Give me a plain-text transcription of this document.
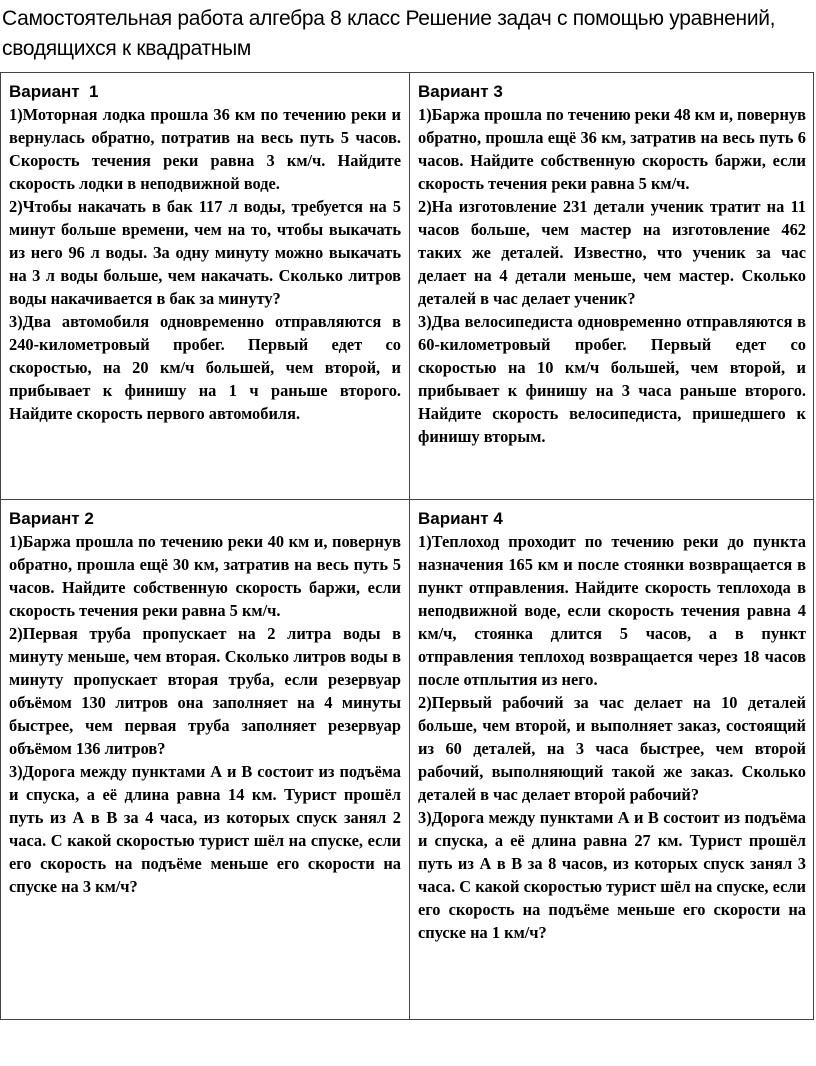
Самостоятельная работа алгебра 8 класс Решение задач с помощью уравнений, сводящихся к квадратным
Вариант  1

1)Моторная лодка прошла 36 км по течению реки и вернулась обратно, потратив на весь путь 5 часов. Скорость течения реки равна 3 км/ч. Найдите скорость лодки в неподвижной воде.

2)Чтобы накачать в бак 117 л воды, требуется на 5 минут больше времени, чем на то, чтобы выкачать из него 96 л воды. За одну минуту можно выкачать на 3 л воды больше, чем накачать. Сколько литров воды накачивается в бак за минуту?

3)Два автомобиля одновременно отправляются в 240-километровый пробег. Первый едет со скоростью, на 20 км/ч большей, чем второй, и прибывает к финишу на 1 ч раньше второго. Найдите скорость первого автомобиля.

Вариант 3

1)Баржа прошла по течению реки 48 км и, повернув обратно, прошла ещё 36 км, затратив на весь путь 6 часов. Найдите собственную скорость баржи, если скорость течения реки равна 5 км/ч.

2)На изготовление 231 детали ученик тратит на 11 часов больше, чем мастер на изготовление 462 таких же деталей. Известно, что ученик за час делает на 4 детали меньше, чем мастер. Сколько деталей в час делает ученик?

3)Два велосипедиста одновременно отправляются в 60-километровый пробег. Первый едет со скоростью на 10 км/ч большей, чем второй, и прибывает к финишу на 3 часа раньше второго. Найдите скорость велосипедиста, пришедшего к финишу вторым.

Вариант 2

1)Баржа прошла по течению реки 40 км и, повернув обратно, прошла ещё 30 км, затратив на весь путь 5 часов. Найдите собственную скорость баржи, если скорость течения реки равна 5 км/ч.

2)Первая труба пропускает на 2 литра воды в минуту меньше, чем вторая. Сколько литров воды в минуту пропускает вторая труба, если резервуар объёмом 130 литров она заполняет на 4 минуты быстрее, чем первая труба заполняет резервуар объёмом 136 литров?

3)Дорога между пунктами А и В состоит из подъёма и спуска, а её длина равна 14 км. Турист прошёл путь из А в В за 4 часа, из которых спуск занял 2 часа. С какой скоростью турист шёл на спуске, если его скорость на подъёме меньше его скорости на спуске на 3 км/ч?

Вариант 4

1)Теплоход проходит по течению реки до пункта назначения 165 км и после стоянки возвращается в пункт отправления. Найдите скорость теплохода в неподвижной воде, если скорость течения равна 4 км/ч, стоянка длится 5 часов, а в пункт отправления теплоход возвращается через 18 часов после отплытия из него.

2)Первый рабочий за час делает на 10 деталей больше, чем второй, и выполняет заказ, состоящий из 60 деталей, на 3 часа быстрее, чем второй рабочий, выполняющий такой же заказ. Сколько деталей в час делает второй рабочий?

3)Дорога между пунктами А и В состоит из подъёма и спуска, а её длина равна 27 км. Турист прошёл путь из А в В за 8 часов, из которых спуск занял 3 часа. С какой скоростью турист шёл на спуске, если его скорость на подъёме меньше его скорости на спуске на 1 км/ч?
